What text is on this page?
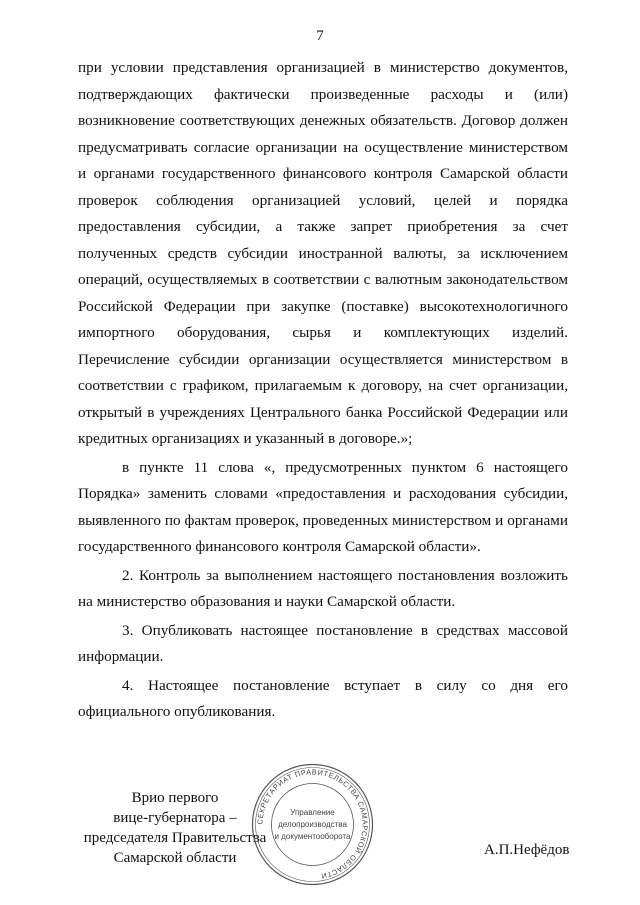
7

при условии представления организацией в министерство документов, подтверждающих фактически произведенные расходы и (или) возникновение соответствующих денежных обязательств. Договор должен предусматривать согласие организации на осуществление министерством и органами государственного финансового контроля Самарской области проверок соблюдения организацией условий, целей и порядка предоставления субсидии, а также запрет приобретения за счет полученных средств субсидии иностранной валюты, за исключением операций, осуществляемых в соответствии с валютным законодательством Российской Федерации при закупке (поставке) высокотехнологичного импортного оборудования, сырья и комплектующих изделий. Перечисление субсидии организации осуществляется министерством в соответствии с графиком, прилагаемым к договору, на счет организации, открытый в учреждениях Центрального банка Российской Федерации или кредитных организациях и указанный в договоре.»;

в пункте 11 слова «, предусмотренных пунктом 6 настоящего Порядка» заменить словами «предоставления и расходования субсидии, выявленного по фактам проверок, проведенных министерством и органами государственного финансового контроля Самарской области».

2. Контроль за выполнением настоящего постановления возложить на министерство образования и науки Самарской области.

3. Опубликовать настоящее постановление в средствах массовой информации.

4. Настоящее постановление вступает в силу со дня его официального опубликования.

Врио первого
вице-губернатора –
председателя Правительства
Самарской области
СЕКРЕТАРИАТ ПРАВИТЕЛЬСТВА САМАРСКОЙ ОБЛАСТИ
Управление
делопроизводства
и документооборота
А.П.Нефёдов
